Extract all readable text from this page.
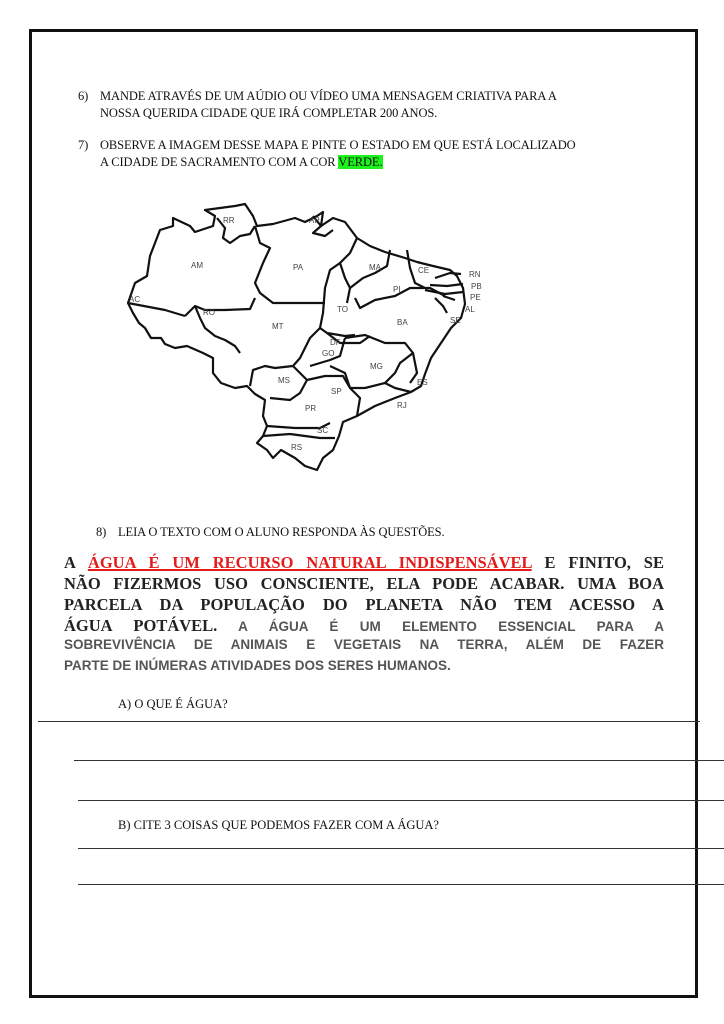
6) MANDE ATRAVÉS DE UM AÚDIO OU VÍDEO UMA MENSAGEM CRIATIVA PARA A
NOSSA QUERIDA CIDADE QUE IRÁ COMPLETAR 200 ANOS.
7) OBSERVE A IMAGEM DESSE MAPA E PINTE O ESTADO EM QUE ESTÁ LOCALIZADO
A CIDADE DE SACRAMENTO COM A COR VERDE.
RR	AP
AM	PA	MA	CE	RN
PB
PE
AL
SE
PI
AC
RO	TO
BA
MT
DF
GO
MG
ES
MS
SP
RJ
PR
SC
RS
8) LEIA O TEXTO COM O ALUNO RESPONDA ÀS QUESTÕES.
A ÁGUA É UM RECURSO NATURAL INDISPENSÁVEL E FINITO, SE
NÃO FIZERMOS USO CONSCIENTE, ELA PODE ACABAR. UMA BOA
PARCELA DA POPULAÇÃO DO PLANETA NÃO TEM ACESSO A
ÁGUA POTÁVEL. A ÁGUA É UM ELEMENTO ESSENCIAL PARA A
SOBREVIVÊNCIA DE ANIMAIS E VEGETAIS NA TERRA, ALÉM DE FAZER
PARTE DE INÚMERAS ATIVIDADES DOS SERES HUMANOS.
A) O QUE É ÁGUA?
B) CITE 3 COISAS QUE PODEMOS FAZER COM A ÁGUA?
